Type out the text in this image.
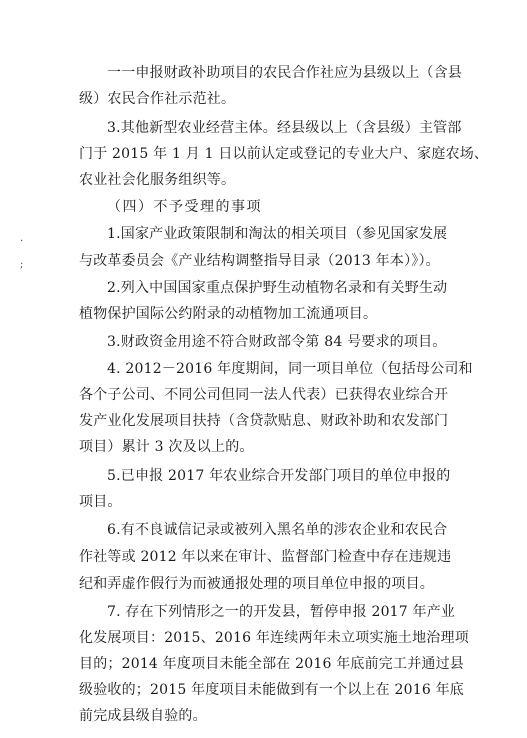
·
;
一一申报财政补助项目的农民合作社应为县级以上（含县
级）农民合作社示范社。
3.其他新型农业经营主体。经县级以上（含县级）主管部
门于 2015 年 1 月 1 日以前认定或登记的专业大户、家庭农场、
农业社会化服务组织等。
（四）不予受理的事项
1.国家产业政策限制和淘汰的相关项目（参见国家发展
与改革委员会《产业结构调整指导目录（2013 年本）》）。
2.列入中国国家重点保护野生动植物名录和有关野生动
植物保护国际公约附录的动植物加工流通项目。
3.财政资金用途不符合财政部令第 84 号要求的项目。
4. 2012－2016 年度期间，同一项目单位（包括母公司和
各个子公司、不同公司但同一法人代表）已获得农业综合开
发产业化发展项目扶持（含贷款贴息、财政补助和农发部门
项目）累计 3 次及以上的。
5.已申报 2017 年农业综合开发部门项目的单位申报的
项目。
6.有不良诚信记录或被列入黑名单的涉农企业和农民合
作社等或 2012 年以来在审计、监督部门检查中存在违规违
纪和弄虚作假行为而被通报处理的项目单位申报的项目。
7. 存在下列情形之一的开发县，暂停申报 2017 年产业
化发展项目：2015、2016 年连续两年未立项实施土地治理项
目的；2014 年度项目未能全部在 2016 年底前完工并通过县
级验收的；2015 年度项目未能做到有一个以上在 2016 年底
前完成县级自验的。
